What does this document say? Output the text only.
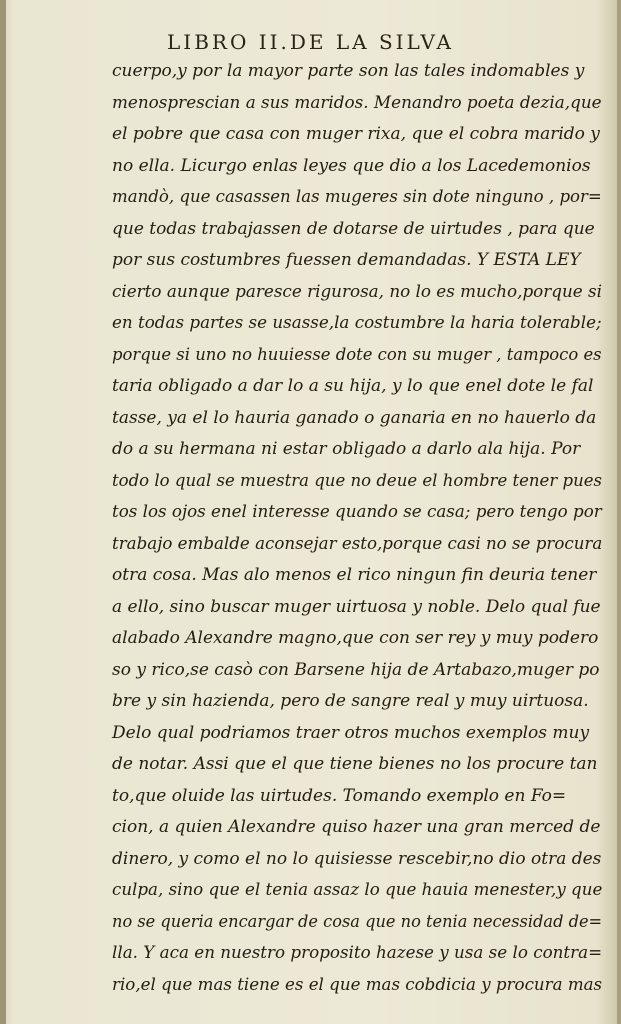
LIBRO II.DE LA SILVA
cuerpo,y por la mayor parte son las tales indomables y
menosprescian a sus maridos. Menandro poeta dezia,que
el pobre que casa con muger rixa, que el cobra marido y
no ella. Licurgo enlas leyes que dio a los Lacedemonios
mandò, que casassen las mugeres sin dote ninguno , por=
que todas trabajassen de dotarse de uirtudes , para que
por sus costumbres fuessen demandadas. Y ESTA LEY
cierto aunque paresce rigurosa, no lo es mucho,porque si
en todas partes se usasse,la costumbre la haria tolerable;
porque si uno no huuiesse dote con su muger , tampoco es
taria obligado a dar lo a su hija, y lo que enel dote le fal
tasse, ya el lo hauria ganado o ganaria en no hauerlo da
do a su hermana ni estar obligado a darlo ala hija. Por
todo lo qual se muestra que no deue el hombre tener pues
tos los ojos enel interesse quando se casa; pero tengo por
trabajo embalde aconsejar esto,porque casi no se procura
otra cosa. Mas alo menos el rico ningun fin deuria tener
a ello, sino buscar muger uirtuosa y noble. Delo qual fue
alabado Alexandre magno,que con ser rey y muy podero
so y rico,se casò con Barsene hija de Artabazo,muger po
bre y sin hazienda, pero de sangre real y muy uirtuosa.
Delo qual podriamos traer otros muchos exemplos muy
de notar. Assi que el que tiene bienes no los procure tan
to,que oluide las uirtudes. Tomando exemplo en Fo=
cion, a quien Alexandre quiso hazer una gran merced de
dinero, y como el no lo quisiesse rescebir,no dio otra des
culpa, sino que el tenia assaz lo que hauia menester,y que
no se queria encargar de cosa que no tenia necessidad de=
lla. Y aca en nuestro proposito hazese y usa se lo contra=
rio,el que mas tiene es el que mas cobdicia y procura mas
